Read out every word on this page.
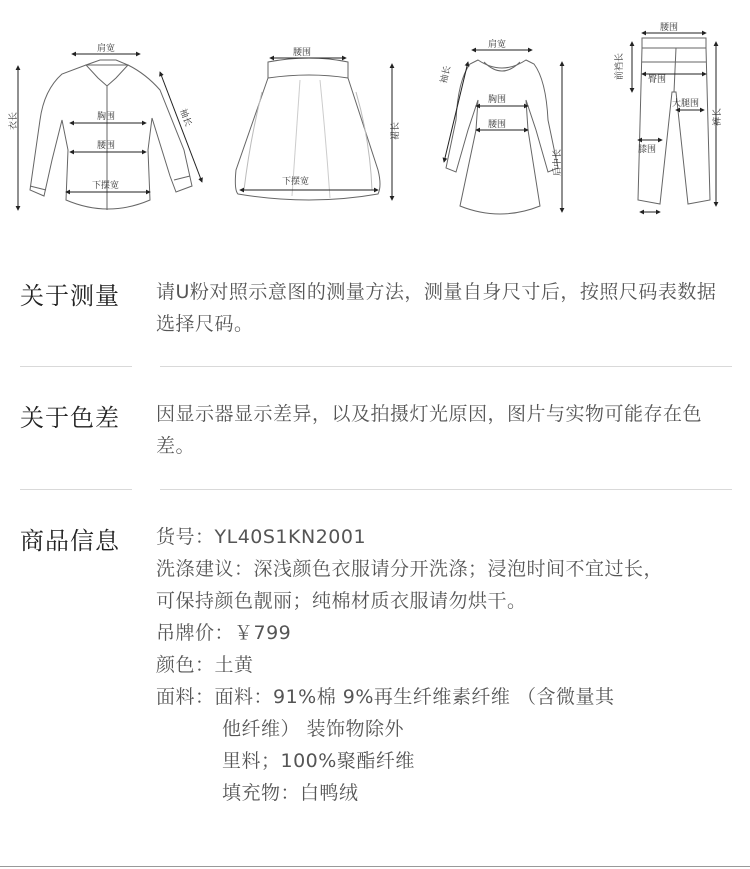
肩宽
胸围
腰围
下摆宽
衣长	袖长
腰围
下摆宽
裙长
肩宽
胸围
腰围
袖长
后中长
腰围
前裆长	臀围
大腿围
膝围
裤长
关于测量 请U粉对照示意图的测量方法，测量自身尺寸后，按照尺码表数据选择尺码。
关于色差 因显示器显示差异，以及拍摄灯光原因，图片与实物可能存在色差。
商品信息 货号：YL40S1KN2001
洗涤建议：深浅颜色衣服请分开洗涤；浸泡时间不宜过长，
可保持颜色靓丽；纯棉材质衣服请勿烘干。
吊牌价：￥799
颜色：土黄
面料：面料：91%棉 9%再生纤维素纤维 （含微量其
他纤维） 装饰物除外
里料；100%聚酯纤维
填充物：白鸭绒
